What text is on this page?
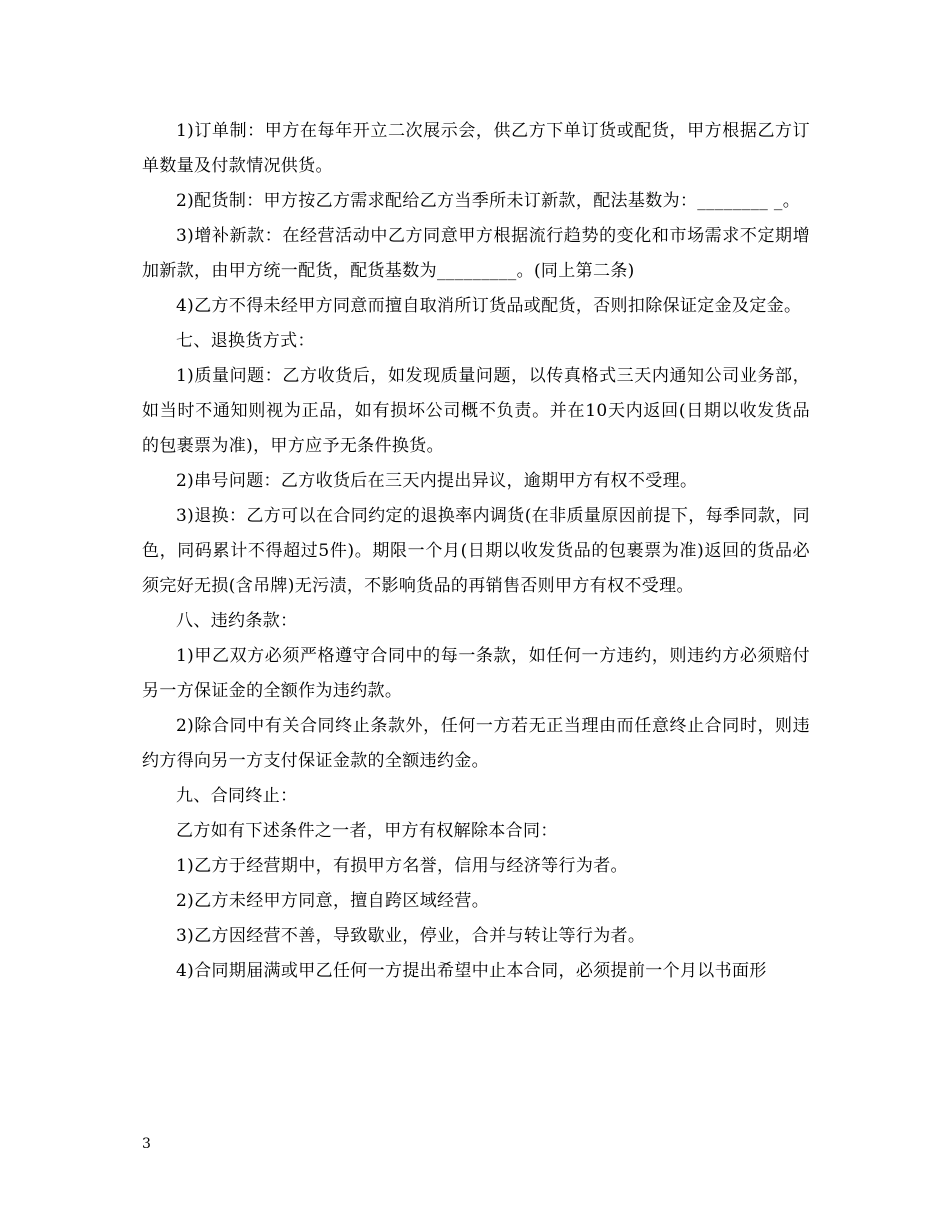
1)订单制：甲方在每年开立二次展示会，供乙方下单订货或配货，甲方根据乙方订单数量及付款情况供货。

2)配货制：甲方按乙方需求配给乙方当季所未订新款，配法基数为：________ _。

3)增补新款：在经营活动中乙方同意甲方根据流行趋势的变化和市场需求不定期增加新款，由甲方统一配货，配货基数为_________。(同上第二条)

4)乙方不得未经甲方同意而擅自取消所订货品或配货，否则扣除保证定金及定金。

七、退换货方式：

1)质量问题：乙方收货后，如发现质量问题，以传真格式三天内通知公司业务部，如当时不通知则视为正品，如有损坏公司概不负责。并在10天内返回(日期以收发货品的包裹票为准)，甲方应予无条件换货。

2)串号问题：乙方收货后在三天内提出异议，逾期甲方有权不受理。

3)退换：乙方可以在合同约定的退换率内调货(在非质量原因前提下，每季同款，同色，同码累计不得超过5件)。期限一个月(日期以收发货品的包裹票为准)返回的货品必须完好无损(含吊牌)无污渍，不影响货品的再销售否则甲方有权不受理。

八、违约条款：

1)甲乙双方必须严格遵守合同中的每一条款，如任何一方违约，则违约方必须赔付另一方保证金的全额作为违约款。

2)除合同中有关合同终止条款外，任何一方若无正当理由而任意终止合同时，则违约方得向另一方支付保证金款的全额违约金。

九、合同终止：

乙方如有下述条件之一者，甲方有权解除本合同：

1)乙方于经营期中，有损甲方名誉，信用与经济等行为者。

2)乙方未经甲方同意，擅自跨区域经营。

3)乙方因经营不善，导致歇业，停业，合并与转让等行为者。

4)合同期届满或甲乙任何一方提出希望中止本合同，必须提前一个月以书面形

3
